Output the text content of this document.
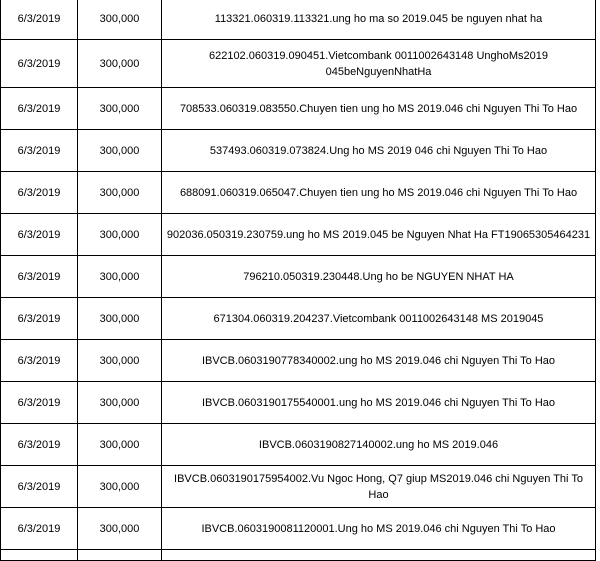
6/3/2019	300,000	113321.060319.113321.ung ho ma so 2019.045 be nguyen nhat ha
6/3/2019	300,000	622102.060319.090451.Vietcombank 0011002643148 UnghoMs2019 045beNguyenNhatHa
6/3/2019	300,000	708533.060319.083550.Chuyen tien ung ho MS 2019.046 chi Nguyen Thi To Hao
6/3/2019	300,000	537493.060319.073824.Ung ho MS 2019 046 chi Nguyen Thi To Hao
6/3/2019	300,000	688091.060319.065047.Chuyen tien ung ho MS 2019.046 chi Nguyen Thi To Hao
6/3/2019	300,000	902036.050319.230759.ung ho MS 2019.045 be Nguyen Nhat Ha FT19065305464231
6/3/2019	300,000	796210.050319.230448.Ung ho be NGUYEN NHAT HA
6/3/2019	300,000	671304.060319.204237.Vietcombank 0011002643148 MS 2019045
6/3/2019	300,000	IBVCB.0603190778340002.ung ho MS 2019.046 chi Nguyen Thi To Hao
6/3/2019	300,000	IBVCB.0603190175540001.ung ho MS 2019.046 chi Nguyen Thi To Hao
6/3/2019	300,000	IBVCB.0603190827140002.ung ho MS 2019.046
6/3/2019	300,000	IBVCB.0603190175954002.Vu Ngoc Hong, Q7 giup MS2019.046 chi Nguyen Thi To Hao
6/3/2019	300,000	IBVCB.0603190081120001.Ung ho MS 2019.046 chi Nguyen Thi To Hao
